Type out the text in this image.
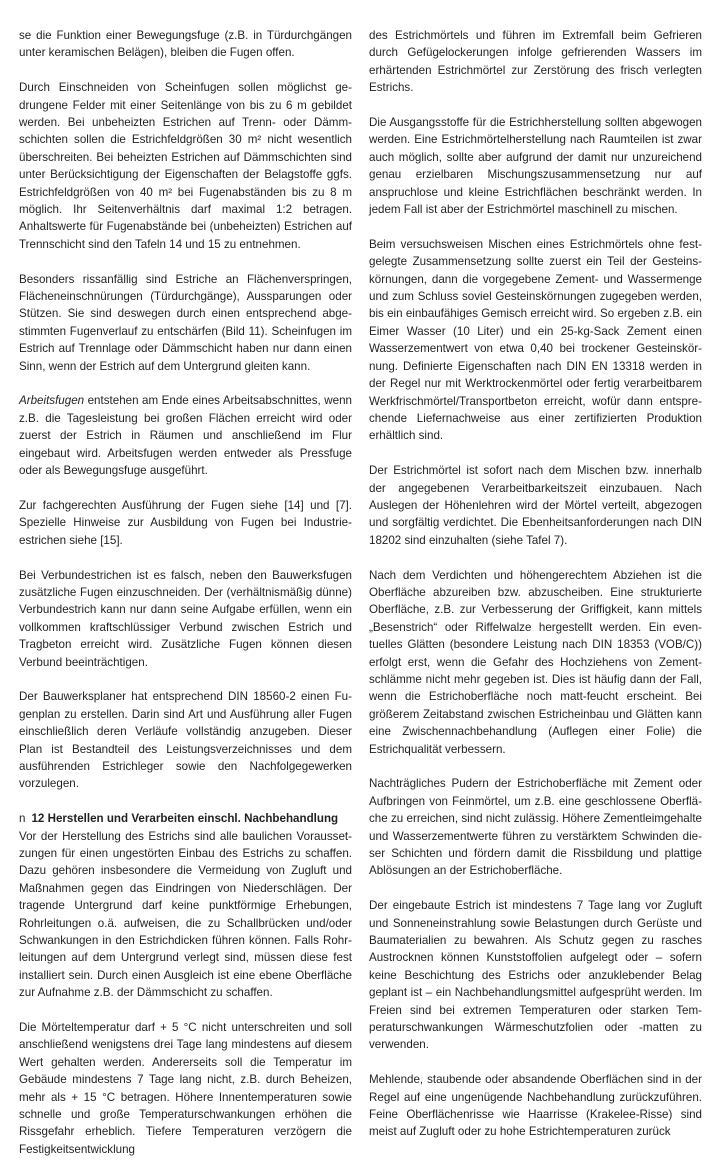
se die Funktion einer Bewegungsfuge (z.B. in Türdurchgängen unter keramischen Belägen), bleiben die Fugen offen.

Durch Einschneiden von Scheinfugen sollen möglichst gedrungene Felder mit einer Seitenlänge von bis zu 6 m gebildet werden. Bei unbeheizten Estrichen auf Trenn- oder Dämmschichten sollen die Estrichfeldgrößen 30 m² nicht wesentlich überschreiten. Bei beheizten Estrichen auf Dämmschichten sind unter Berücksichtigung der Eigenschaften der Belagstoffe ggfs. Estrichfeldgrößen von 40 m² bei Fugenabständen bis zu 8 m möglich. Ihr Seitenverhältnis darf maximal 1:2 betragen. Anhaltswerte für Fugenabstände bei (unbeheizten) Estrichen auf Trennschicht sind den Tafeln 14 und 15 zu entnehmen.

Besonders rissanfällig sind Estriche an Flächenverspringen, Flächeneinschnürungen (Türdurchgänge), Aussparungen oder Stützen. Sie sind deswegen durch einen entsprechend abgestimmten Fugenverlauf zu entschärfen (Bild 11). Scheinfugen im Estrich auf Trennlage oder Dämmschicht haben nur dann einen Sinn, wenn der Estrich auf dem Untergrund gleiten kann.

Arbeitsfugen entstehen am Ende eines Arbeitsabschnittes, wenn z.B. die Tagesleistung bei großen Flächen erreicht wird oder zuerst der Estrich in Räumen und anschließend im Flur eingebaut wird. Arbeitsfugen werden entweder als Pressfuge oder als Bewegungsfuge ausgeführt.

Zur fachgerechten Ausführung der Fugen siehe [14] und [7]. Spezielle Hinweise zur Ausbildung von Fugen bei Industrieestrichen siehe [15].

Bei Verbundestrichen ist es falsch, neben den Bauwerksfugen zusätzliche Fugen einzuschneiden. Der (verhältnismäßig dünne) Verbundestrich kann nur dann seine Aufgabe erfüllen, wenn ein vollkommen kraftschlüssiger Verbund zwischen Estrich und Tragbeton erreicht wird. Zusätzliche Fugen können diesen Verbund beeinträchtigen.

Der Bauwerksplaner hat entsprechend DIN 18560-2 einen Fugenplan zu erstellen. Darin sind Art und Ausführung aller Fugen einschließlich deren Verläufe vollständig anzugeben. Dieser Plan ist Bestandteil des Leistungsverzeichnisses und dem ausführenden Estrichleger sowie den Nachfolgegewerken vorzulegen.

n 12 Herstellen und Verarbeiten einschl. Nachbehandlung

Vor der Herstellung des Estrichs sind alle baulichen Voraussetzungen für einen ungestörten Einbau des Estrichs zu schaffen. Dazu gehören insbesondere die Vermeidung von Zugluft und Maßnahmen gegen das Eindringen von Niederschlägen. Der tragende Untergrund darf keine punktförmige Erhebungen, Rohrleitungen o.ä. aufweisen, die zu Schallbrücken und/oder Schwankungen in den Estrichdicken führen können. Falls Rohrleitungen auf dem Untergrund verlegt sind, müssen diese fest installiert sein. Durch einen Ausgleich ist eine ebene Oberfläche zur Aufnahme z.B. der Dämmschicht zu schaffen.

Die Mörteltemperatur darf + 5 °C nicht unterschreiten und soll anschließend wenigstens drei Tage lang mindestens auf diesem Wert gehalten werden. Andererseits soll die Temperatur im Gebäude mindestens 7 Tage lang nicht, z.B. durch Beheizen, mehr als + 15 °C betragen. Höhere Innentemperaturen sowie schnelle und große Temperaturschwankungen erhöhen die Rissgefahr erheblich. Tiefere Temperaturen verzögern die Festigkeitsentwicklung

des Estrichmörtels und führen im Extremfall beim Gefrieren durch Gefügelockerungen infolge gefrierenden Wassers im erhärtenden Estrichmörtel zur Zerstörung des frisch verlegten Estrichs.

Die Ausgangsstoffe für die Estrichherstellung sollten abgewogen werden. Eine Estrichmörtelherstellung nach Raumteilen ist zwar auch möglich, sollte aber aufgrund der damit nur unzureichend genau erzielbaren Mischungszusammensetzung nur auf anspruchlose und kleine Estrichflächen beschränkt werden. In jedem Fall ist aber der Estrichmörtel maschinell zu mischen.

Beim versuchsweisen Mischen eines Estrichmörtels ohne festgelegte Zusammensetzung sollte zuerst ein Teil der Gesteinskörnungen, dann die vorgegebene Zement- und Wassermenge und zum Schluss soviel Gesteinskörnungen zugegeben werden, bis ein einbaufähiges Gemisch erreicht wird. So ergeben z.B. ein Eimer Wasser (10 Liter) und ein 25-kg-Sack Zement einen Wasserzementwert von etwa 0,40 bei trockener Gesteinskörnung. Definierte Eigenschaften nach DIN EN 13318 werden in der Regel nur mit Werktrockenmörtel oder fertig verarbeitbarem Werkfrischmörtel/Transportbeton erreicht, wofür dann entsprechende Liefernachweise aus einer zertifizierten Produktion erhältlich sind.

Der Estrichmörtel ist sofort nach dem Mischen bzw. innerhalb der angegebenen Verarbeitbarkeitszeit einzubauen. Nach Auslegen der Höhenlehren wird der Mörtel verteilt, abgezogen und sorgfältig verdichtet. Die Ebenheitsanforderungen nach DIN 18202 sind einzuhalten (siehe Tafel 7).

Nach dem Verdichten und höhengerechtem Abziehen ist die Oberfläche abzureiben bzw. abzuscheiben. Eine strukturierte Oberfläche, z.B. zur Verbesserung der Griffigkeit, kann mittels „Besenstrich“ oder Riffelwalze hergestellt werden. Ein eventuelles Glätten (besondere Leistung nach DIN 18353 (VOB/C)) erfolgt erst, wenn die Gefahr des Hochziehens von Zementschlämme nicht mehr gegeben ist. Dies ist häufig dann der Fall, wenn die Estrichoberfläche noch matt-feucht erscheint. Bei größerem Zeitabstand zwischen Estricheinbau und Glätten kann eine Zwischennachbehandlung (Auflegen einer Folie) die Estrichqualität verbessern.

Nachträgliches Pudern der Estrichoberfläche mit Zement oder Aufbringen von Feinmörtel, um z.B. eine geschlossene Oberfläche zu erreichen, sind nicht zulässig. Höhere Zementleimgehalte und Wasserzementwerte führen zu verstärktem Schwinden dieser Schichten und fördern damit die Rissbildung und plattige Ablösungen an der Estrichoberfläche.

Der eingebaute Estrich ist mindestens 7 Tage lang vor Zugluft und Sonneneinstrahlung sowie Belastungen durch Gerüste und Baumaterialien zu bewahren. Als Schutz gegen zu rasches Austrocknen können Kunststoffolien aufgelegt oder – sofern keine Beschichtung des Estrichs oder anzuklebender Belag geplant ist – ein Nachbehandlungsmittel aufgesprüht werden. Im Freien sind bei extremen Temperaturen oder starken Temperaturschwankungen Wärmeschutzfolien oder -matten zu verwenden.

Mehlende, staubende oder absandende Oberflächen sind in der Regel auf eine ungenügende Nachbehandlung zurückzuführen. Feine Oberflächenrisse wie Haarrisse (Krakelee-Risse) sind meist auf Zugluft oder zu hohe Estrichtemperaturen zurück
